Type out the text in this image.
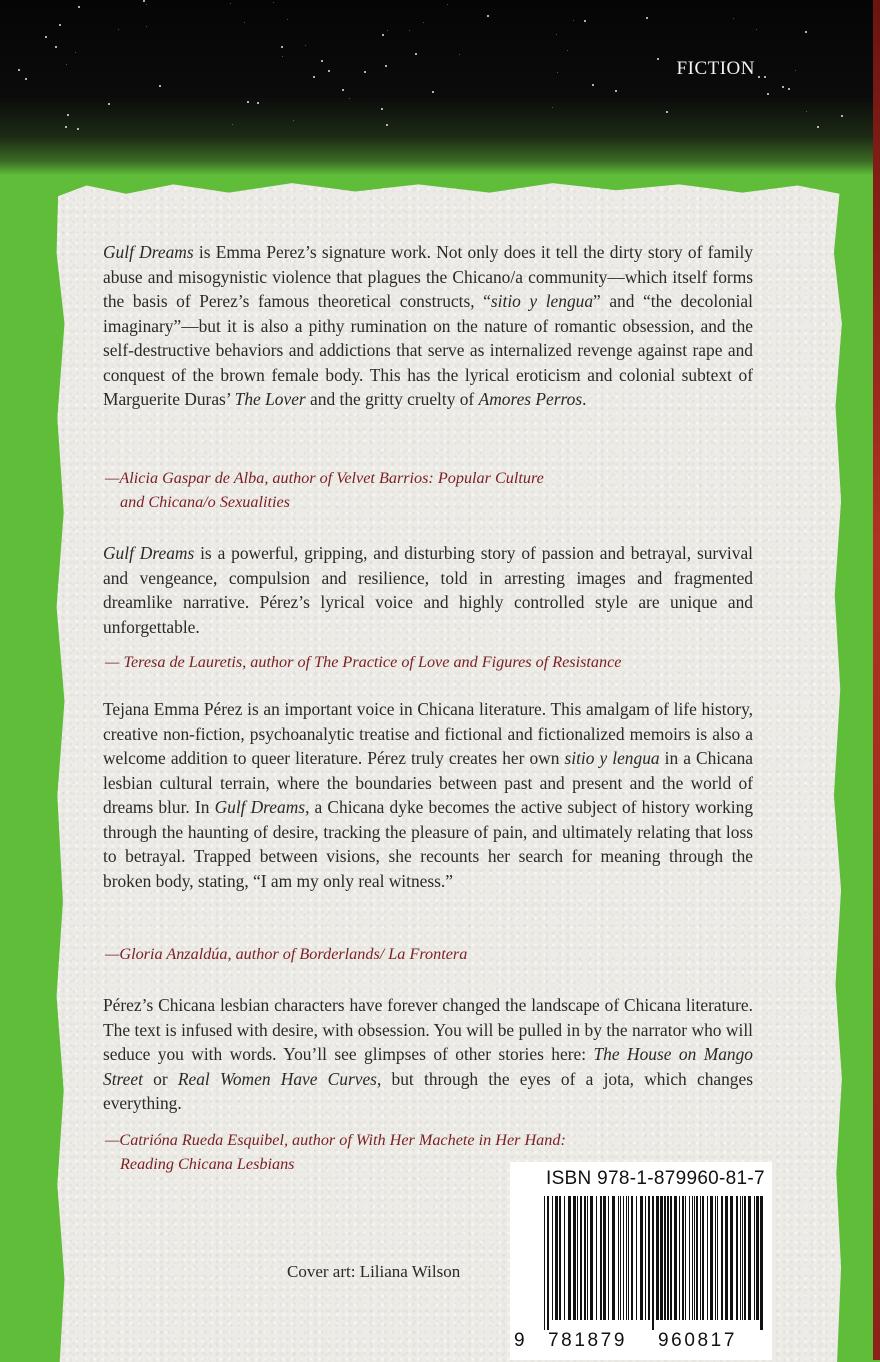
FICTION

Gulf Dreams is Emma Perez’s signature work. Not only does it tell the dirty story of family abuse and misogynistic violence that plagues the Chicano/a community—which itself forms the basis of Perez’s famous theoretical constructs, “sitio y lengua” and “the decolonial imaginary”—but it is also a pithy rumination on the nature of romantic obsession, and the self-destructive behaviors and addictions that serve as internalized revenge against rape and conquest of the brown female body. This has the lyrical eroticism and colonial subtext of Marguerite Duras’ The Lover and the gritty cruelty of Amores Perros.

—Alicia Gaspar de Alba, author of Velvet Barrios: Popular Culture
and Chicana/o Sexualities

Gulf Dreams is a powerful, gripping, and disturbing story of passion and betrayal, survival and vengeance, compulsion and resilience, told in arresting images and fragmented dreamlike narrative. Pérez’s lyrical voice and highly controlled style are unique and unforgettable.

— Teresa de Lauretis, author of The Practice of Love and Figures of Resistance

Tejana Emma Pérez is an important voice in Chicana literature. This amalgam of life history, creative non-fiction, psychoanalytic treatise and fictional and fictionalized memoirs is also a welcome addition to queer literature. Pérez truly creates her own sitio y lengua in a Chicana lesbian cultural terrain, where the boundaries between past and present and the world of dreams blur. In Gulf Dreams, a Chicana dyke becomes the active subject of history working through the haunting of desire, tracking the pleasure of pain, and ultimately relating that loss to betrayal. Trapped between visions, she recounts her search for meaning through the broken body, stating, “I am my only real witness.”

—Gloria Anzaldúa, author of Borderlands/ La Frontera

Pérez’s Chicana lesbian characters have forever changed the landscape of Chicana literature. The text is infused with desire, with obsession. You will be pulled in by the narrator who will seduce you with words. You’ll see glimpses of other stories here: The House on Mango Street or Real Women Have Curves, but through the eyes of a jota, which changes everything.

—Catrióna Rueda Esquibel, author of With Her Machete in Her Hand:
Reading Chicana Lesbians

Cover art: Liliana Wilson
ISBN 978-1-879960-81-7
9 781879 960817
